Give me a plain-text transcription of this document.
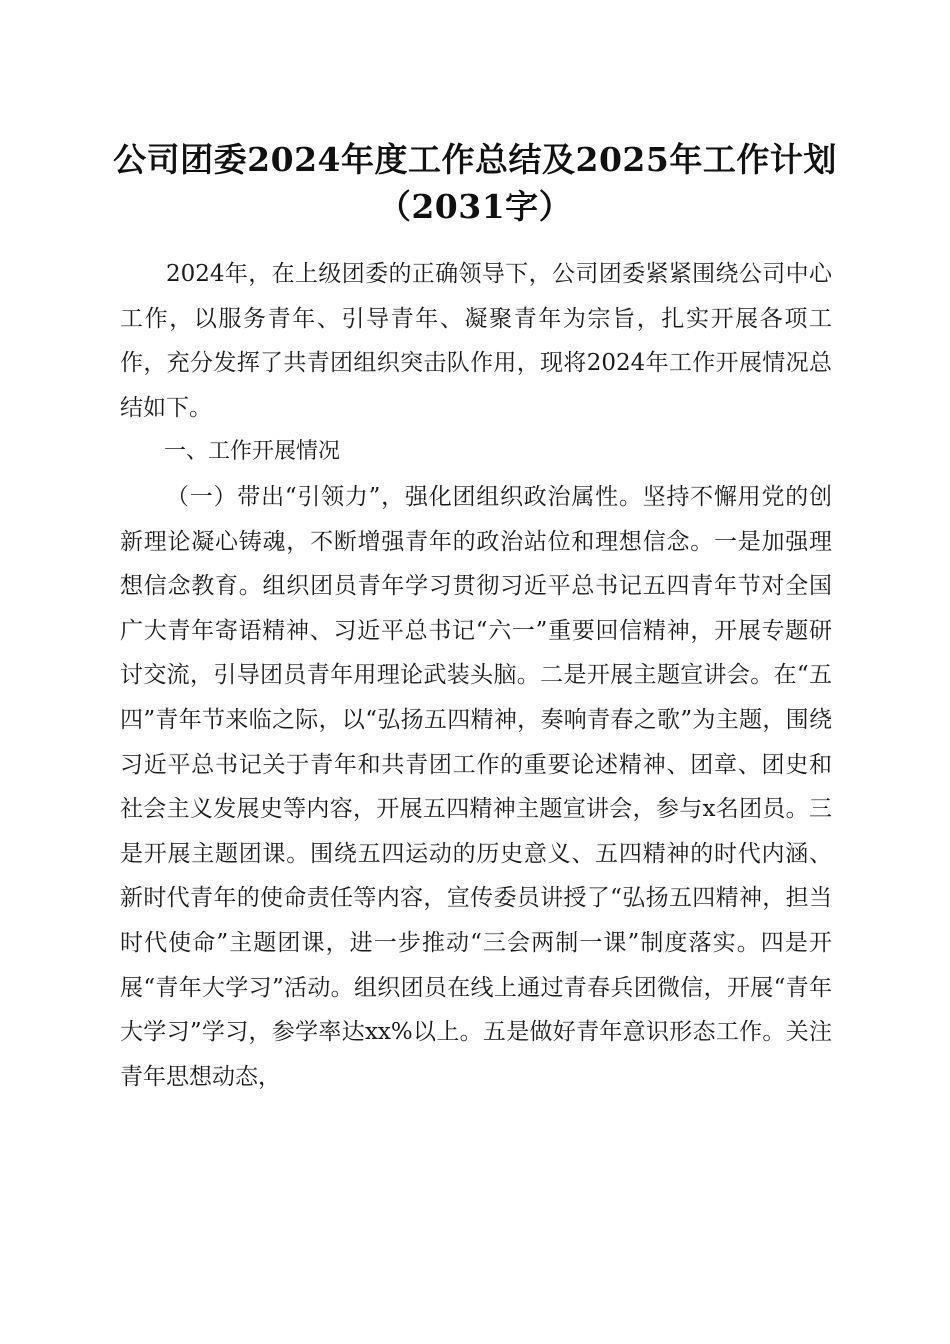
公司团委2024年度工作总结及2025年工作计划（2031字）

2024年，在上级团委的正确领导下，公司团委紧紧围绕公司中心工作，以服务青年、引导青年、凝聚青年为宗旨，扎实开展各项工作，充分发挥了共青团组织突击队作用，现将2024年工作开展情况总结如下。

一、工作开展情况

（一）带出“引领力”，强化团组织政治属性。坚持不懈用党的创新理论凝心铸魂，不断增强青年的政治站位和理想信念。一是加强理想信念教育。组织团员青年学习贯彻习近平总书记五四青年节对全国广大青年寄语精神、习近平总书记“六一”重要回信精神，开展专题研讨交流，引导团员青年用理论武装头脑。二是开展主题宣讲会。在“五四”青年节来临之际，以“弘扬五四精神，奏响青春之歌”为主题，围绕习近平总书记关于青年和共青团工作的重要论述精神、团章、团史和社会主义发展史等内容，开展五四精神主题宣讲会，参与x名团员。三是开展主题团课。围绕五四运动的历史意义、五四精神的时代内涵、新时代青年的使命责任等内容，宣传委员讲授了“弘扬五四精神，担当时代使命”主题团课，进一步推动“三会两制一课”制度落实。四是开展“青年大学习”活动。组织团员在线上通过青春兵团微信，开展“青年大学习”学习，参学率达xx%以上。五是做好青年意识形态工作。关注青年思想动态，
